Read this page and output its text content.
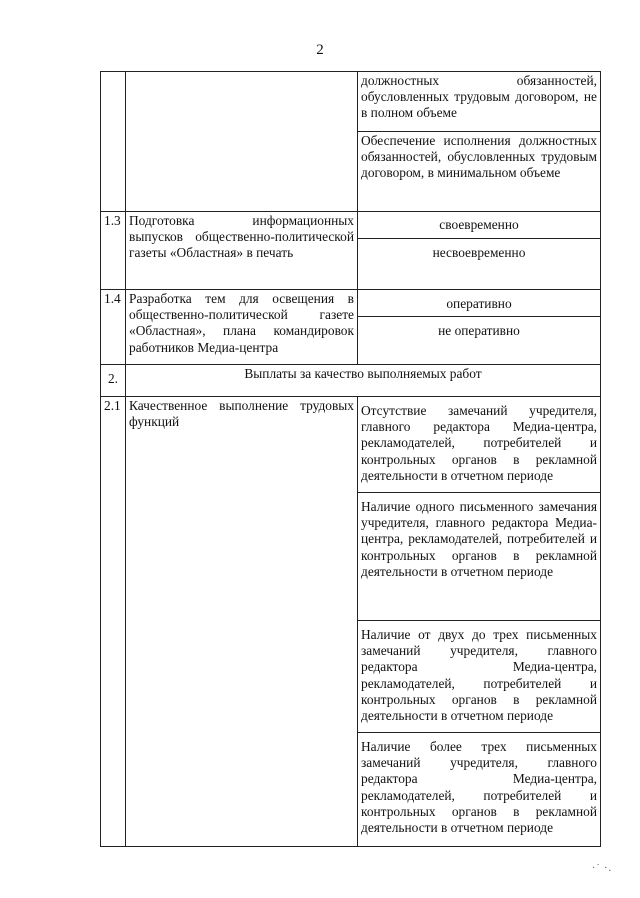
2
		должностных обязанностей, обусловленных трудовым договором, не в полном объеме
		Обеспечение исполнения должностных обязанностей, обусловленных трудовым договором, в минимальном объеме
1.3	Подготовка информационных выпусков общественно-политической газеты «Областная» в печать	своевременно
		несвоевременно
1.4	Разработка тем для освещения в общественно-политической газете «Областная», плана командировок работников Медиа-центра	оперативно
		не оперативно
2.	Выплаты за качество выполняемых работ	
2.1	Качественное выполнение трудовых функций	Отсутствие замечаний учредителя, главного редактора Медиа-центра, рекламодателей, потребителей и контрольных органов в рекламной деятельности в отчетном периоде
		Наличие одного письменного замечания учредителя, главного редактора Медиа-центра, рекламодателей, потребителей и контрольных органов в рекламной деятельности в отчетном периоде
		Наличие от двух до трех письменных замечаний учредителя, главного редактора Медиа-центра, рекламодателей, потребителей и контрольных органов в рекламной деятельности в отчетном периоде
		Наличие более трех письменных замечаний учредителя, главного редактора Медиа-центра, рекламодателей, потребителей и контрольных органов в рекламной деятельности в отчетном периоде
·˙ ·.
